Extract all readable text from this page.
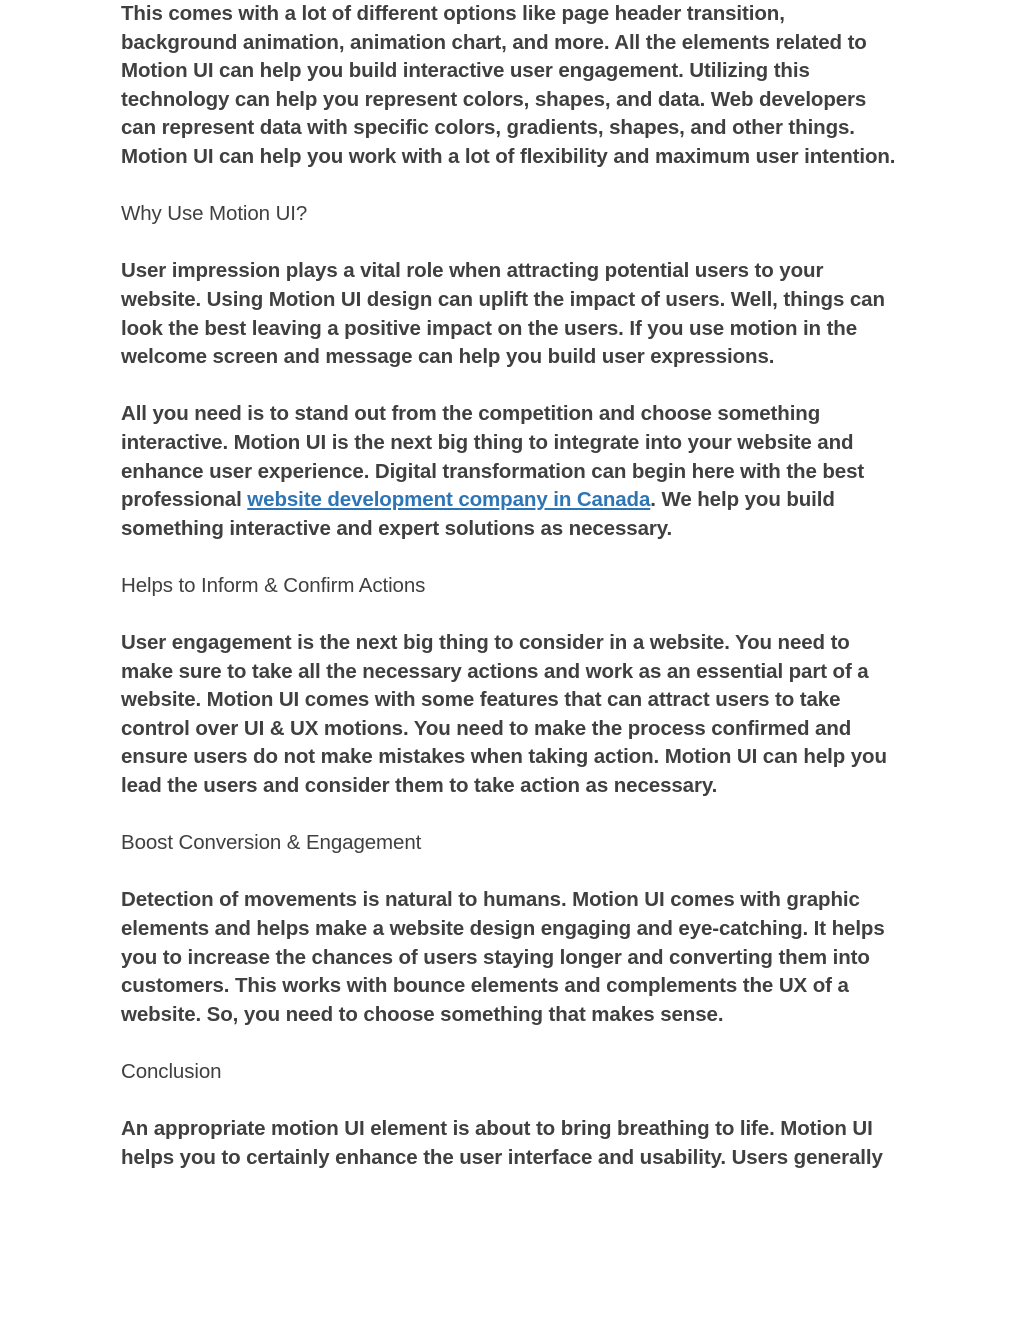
This comes with a lot of different options like page header transition, background animation, animation chart, and more. All the elements related to Motion UI can help you build interactive user engagement. Utilizing this technology can help you represent colors, shapes, and data. Web developers can represent data with specific colors, gradients, shapes, and other things. Motion UI can help you work with a lot of flexibility and maximum user intention.

Why Use Motion UI?

User impression plays a vital role when attracting potential users to your website. Using Motion UI design can uplift the impact of users. Well, things can look the best leaving a positive impact on the users. If you use motion in the welcome screen and message can help you build user expressions.

All you need is to stand out from the competition and choose something interactive. Motion UI is the next big thing to integrate into your website and enhance user experience. Digital transformation can begin here with the best professional website development company in Canada. We help you build something interactive and expert solutions as necessary.

Helps to Inform & Confirm Actions

User engagement is the next big thing to consider in a website. You need to make sure to take all the necessary actions and work as an essential part of a website. Motion UI comes with some features that can attract users to take control over UI & UX motions. You need to make the process confirmed and ensure users do not make mistakes when taking action. Motion UI can help you lead the users and consider them to take action as necessary.

Boost Conversion & Engagement

Detection of movements is natural to humans. Motion UI comes with graphic elements and helps make a website design engaging and eye-catching. It helps you to increase the chances of users staying longer and converting them into customers. This works with bounce elements and complements the UX of a website. So, you need to choose something that makes sense.

Conclusion

An appropriate motion UI element is about to bring breathing to life. Motion UI helps you to certainly enhance the user interface and usability. Users generally
